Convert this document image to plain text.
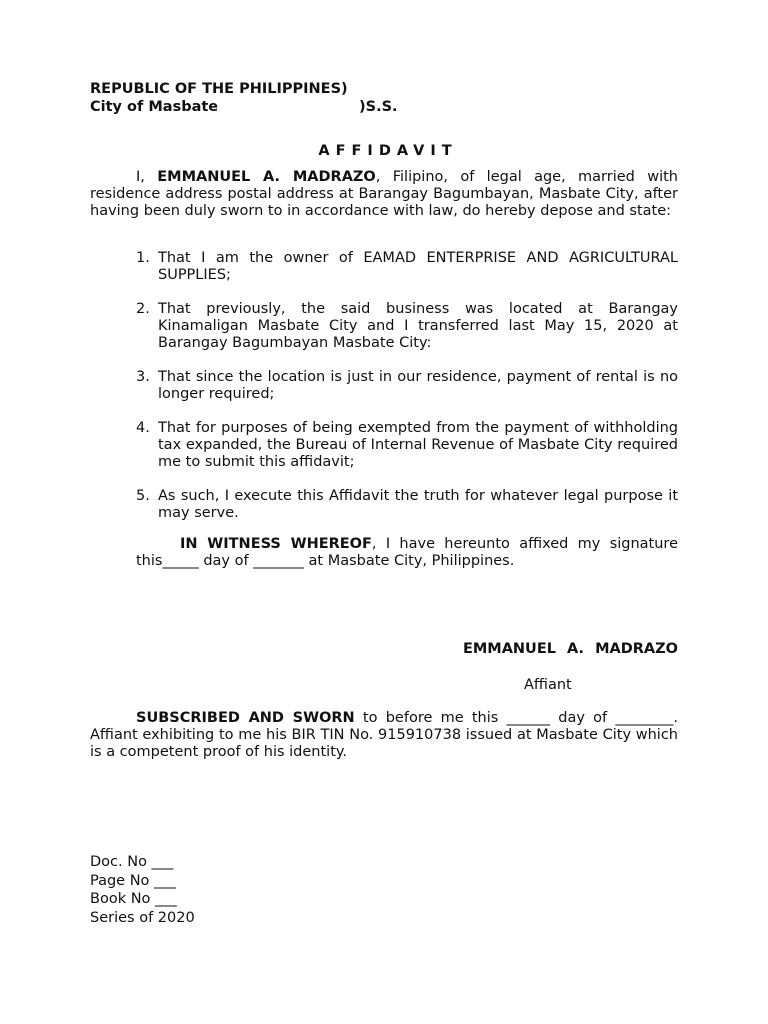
REPUBLIC OF THE PHILIPPINES)
City of Masbate	)S.S.
AFFIDAVIT
I, EMMANUEL A. MADRAZO, Filipino, of legal age, married with residence address postal address at Barangay Bagumbayan, Masbate City, after having been duly sworn to in accordance with law, do hereby depose and state:
1. That I am the owner of EAMAD ENTERPRISE AND AGRICULTURAL SUPPLIES;
2. That previously, the said business was located at Barangay Kinamaligan Masbate City and I transferred last May 15, 2020 at Barangay Bagumbayan Masbate City:
3. That since the location is just in our residence, payment of rental is no longer required;
4. That for purposes of being exempted from the payment of withholding tax expanded, the Bureau of Internal Revenue of Masbate City required me to submit this affidavit;
5. As such, I execute this Affidavit the truth for whatever legal purpose it may serve.
IN WITNESS WHEREOF, I have hereunto affixed my signature this_____ day of _______ at Masbate City, Philippines.
EMMANUEL A. MADRAZO
Affiant
SUBSCRIBED AND SWORN to before me this ______ day of ________. Affiant exhibiting to me his BIR TIN No. 915910738 issued at Masbate City which is a competent proof of his identity.
Doc. No ___
Page No ___
Book No ___
Series of 2020
